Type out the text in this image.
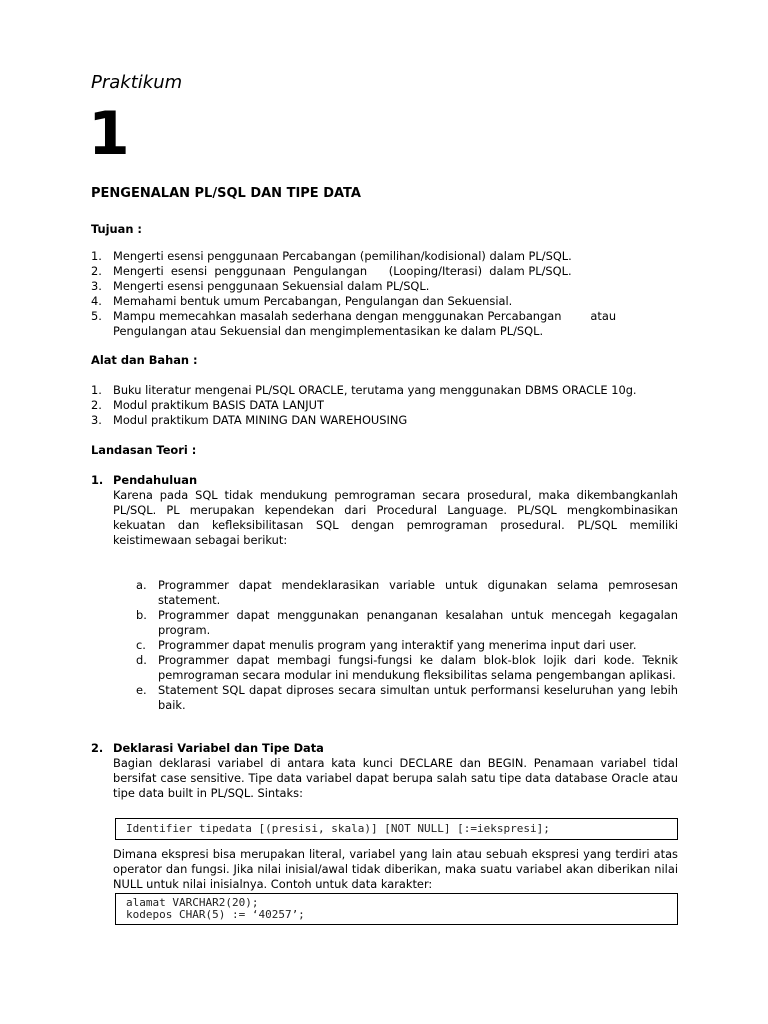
Praktikum
1
PENGENALAN PL/SQL DAN TIPE DATA
Tujuan :
1. Mengerti esensi penggunaan Percabangan (pemilihan/kodisional) dalam PL/SQL.
2. Mengerti  esensi  penggunaan  Pengulangan      (Looping/Iterasi)  dalam PL/SQL.
3. Mengerti esensi penggunaan Sekuensial dalam PL/SQL.
4. Memahami bentuk umum Percabangan, Pengulangan dan Sekuensial.
5. Mampu memecahkan masalah sederhana dengan menggunakan Percabangan        atau Pengulangan atau Sekuensial dan mengimplementasikan ke dalam PL/SQL.
Alat dan Bahan :
1. Buku literatur mengenai PL/SQL ORACLE, terutama yang menggunakan DBMS ORACLE 10g.
2. Modul praktikum BASIS DATA LANJUT
3. Modul praktikum DATA MINING DAN WAREHOUSING
Landasan Teori :
1. Pendahuluan
Karena pada SQL tidak mendukung pemrograman secara prosedural, maka dikembangkanlah PL/SQL. PL merupakan kependekan dari Procedural Language. PL/SQL mengkombinasikan kekuatan dan kefleksibilitasan SQL dengan pemrograman prosedural. PL/SQL memiliki keistimewaan sebagai berikut:
a. Programmer dapat mendeklarasikan variable untuk digunakan selama pemrosesan statement.
b. Programmer dapat menggunakan penanganan kesalahan untuk mencegah kegagalan program.
c. Programmer dapat menulis program yang interaktif yang menerima input dari user.
d. Programmer dapat membagi fungsi-fungsi ke dalam blok-blok lojik dari kode. Teknik pemrograman secara modular ini mendukung fleksibilitas selama pengembangan aplikasi.
e. Statement SQL dapat diproses secara simultan untuk performansi keseluruhan yang lebih baik.
2. Deklarasi Variabel dan Tipe Data
Bagian deklarasi variabel di antara kata kunci DECLARE dan BEGIN. Penamaan variabel tidal bersifat case sensitive. Tipe data variabel dapat berupa salah satu tipe data database Oracle atau tipe data built in PL/SQL. Sintaks:
Identifier tipedata [(presisi, skala)] [NOT NULL] [:=iekspresi];
Dimana ekspresi bisa merupakan literal, variabel yang lain atau sebuah ekspresi yang terdiri atas operator dan fungsi. Jika nilai inisial/awal tidak diberikan, maka suatu variabel akan diberikan nilai NULL untuk nilai inisialnya. Contoh untuk data karakter:
alamat VARCHAR2(20);
kodepos CHAR(5) := ‘40257’;
